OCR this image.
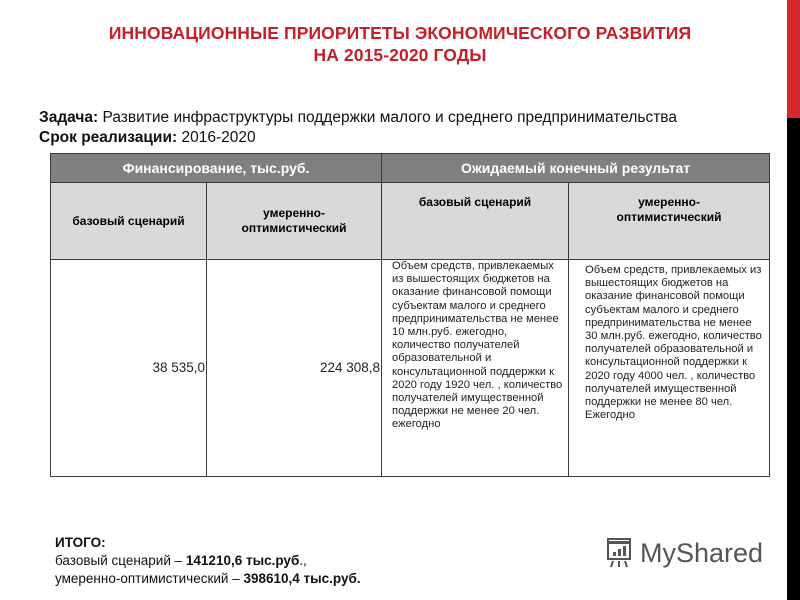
ИННОВАЦИОННЫЕ ПРИОРИТЕТЫ ЭКОНОМИЧЕСКОГО РАЗВИТИЯ
НА 2015-2020 ГОДЫ
Задача: Развитие инфраструктуры поддержки малого и среднего предпринимательства
Срок реализации: 2016-2020
Финансирование, тыс.руб.		Ожидаемый конечный результат	
базовый сценарий	умеренно-оптимистический	базовый сценарий	умеренно-оптимистический
38 535,0	224 308,8	Объем средств, привлекаемых из вышестоящих бюджетов на оказание финансовой помощи субъектам малого и среднего предпринимательства не менее 10 млн.руб. ежегодно, количество получателей образовательной и консультационной поддержки к 2020 году 1920 чел. , количество получателей имущественной поддержки не менее 20 чел. ежегодно	Объем средств, привлекаемых из вышестоящих бюджетов на оказание финансовой помощи субъектам малого и среднего предпринимательства не менее 30 млн.руб. ежегодно, количество получателей образовательной и консультационной поддержки к 2020 году 4000 чел. , количество получателей имущественной поддержки не менее 80 чел. Ежегодно
ИТОГО:
базовый сценарий – 141210,6 тыс.руб.,
умеренно-оптимистический – 398610,4 тыс.руб.
MyShared
